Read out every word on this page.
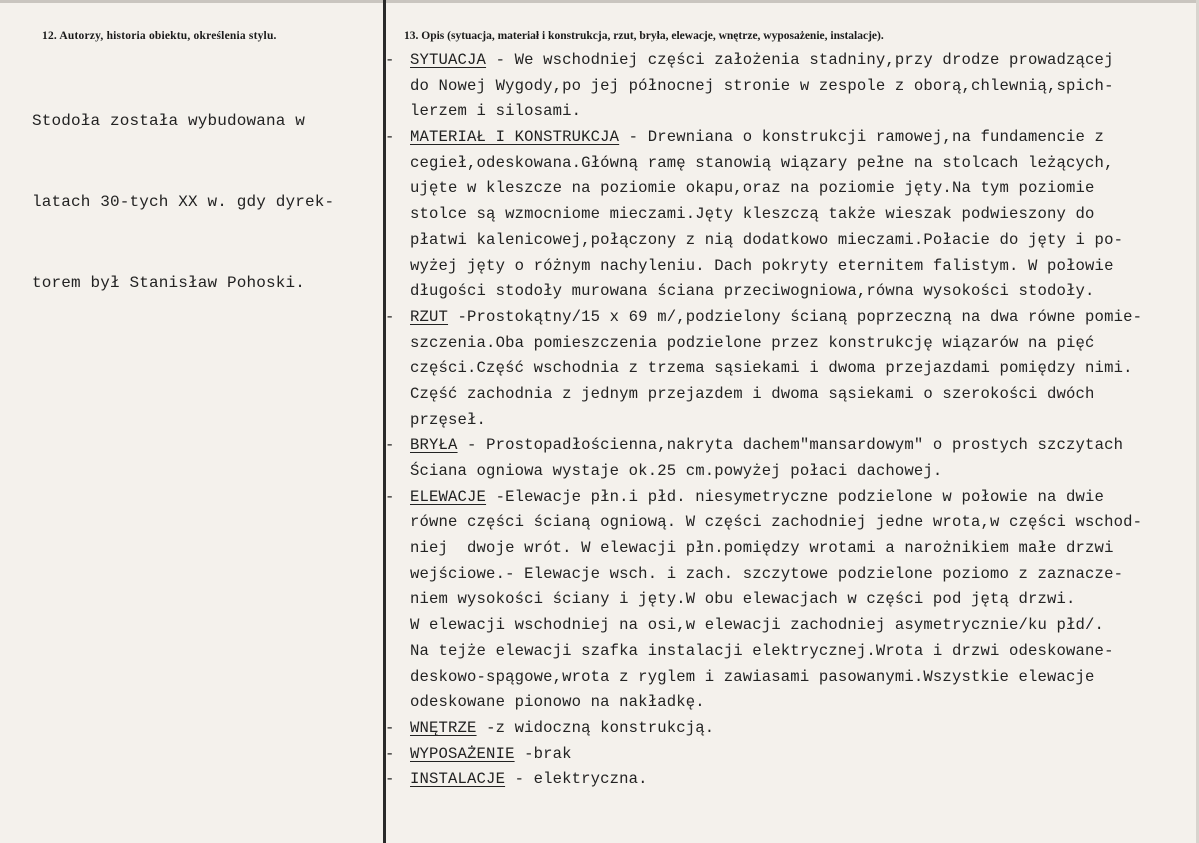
12. Autorzy, historia obiektu, określenia stylu.	13. Opis (sytuacja, materiał i konstrukcja, rzut, bryła, elewacje, wnętrze, wyposażenie, instalacje).

Stodoła została wybudowana w

latach 30-tych XX w. gdy dyrek-

torem był Stanisław Pohoski.

- SYTUACJA - We wschodniej części założenia stadniny,przy drodze prowadzącej
do Nowej Wygody,po jej północnej stronie w zespole z oborą,chlewnią,spich-
lerzem i silosami.
- MATERIAŁ I KONSTRUKCJA - Drewniana o konstrukcji ramowej,na fundamencie z
cegieł,odeskowana.Główną ramę stanowią wiązary pełne na stolcach leżących,
ujęte w kleszcze na poziomie okapu,oraz na poziomie jęty.Na tym poziomie
stolce są wzmocniome mieczami.Jęty kleszczą także wieszak podwieszony do
płatwi kalenicowej,połączony z nią dodatkowo mieczami.Połacie do jęty i po-
wyżej jęty o różnym nachyleniu. Dach pokryty eternitem falistym. W połowie
długości stodoły murowana ściana przeciwogniowa,równa wysokości stodoły.
- RZUT -Prostokątny/15 x 69 m/,podzielony ścianą poprzeczną na dwa równe pomie-
szczenia.Oba pomieszczenia podzielone przez konstrukcję wiązarów na pięć
części.Część wschodnia z trzema sąsiekami i dwoma przejazdami pomiędzy nimi.
Część zachodnia z jednym przejazdem i dwoma sąsiekami o szerokości dwóch
przęseł.
- BRYŁA - Prostopadłościenna,nakryta dachem"mansardowym" o prostych szczytach
Ściana ogniowa wystaje ok.25 cm.powyżej połaci dachowej.
- ELEWACJE -Elewacje płn.i płd. niesymetryczne podzielone w połowie na dwie
równe części ścianą ogniową. W części zachodniej jedne wrota,w części wschod-
niej  dwoje wrót. W elewacji płn.pomiędzy wrotami a narożnikiem małe drzwi
wejściowe.- Elewacje wsch. i zach. szczytowe podzielone poziomo z zaznacze-
niem wysokości ściany i jęty.W obu elewacjach w części pod jętą drzwi.
W elewacji wschodniej na osi,w elewacji zachodniej asymetrycznie/ku płd/.
Na tejże elewacji szafka instalacji elektrycznej.Wrota i drzwi odeskowane-
deskowo-spągowe,wrota z ryglem i zawiasami pasowanymi.Wszystkie elewacje
odeskowane pionowo na nakładkę.
- WNĘTRZE -z widoczną konstrukcją.
- WYPOSAŻENIE -brak
- INSTALACJE - elektryczna.
